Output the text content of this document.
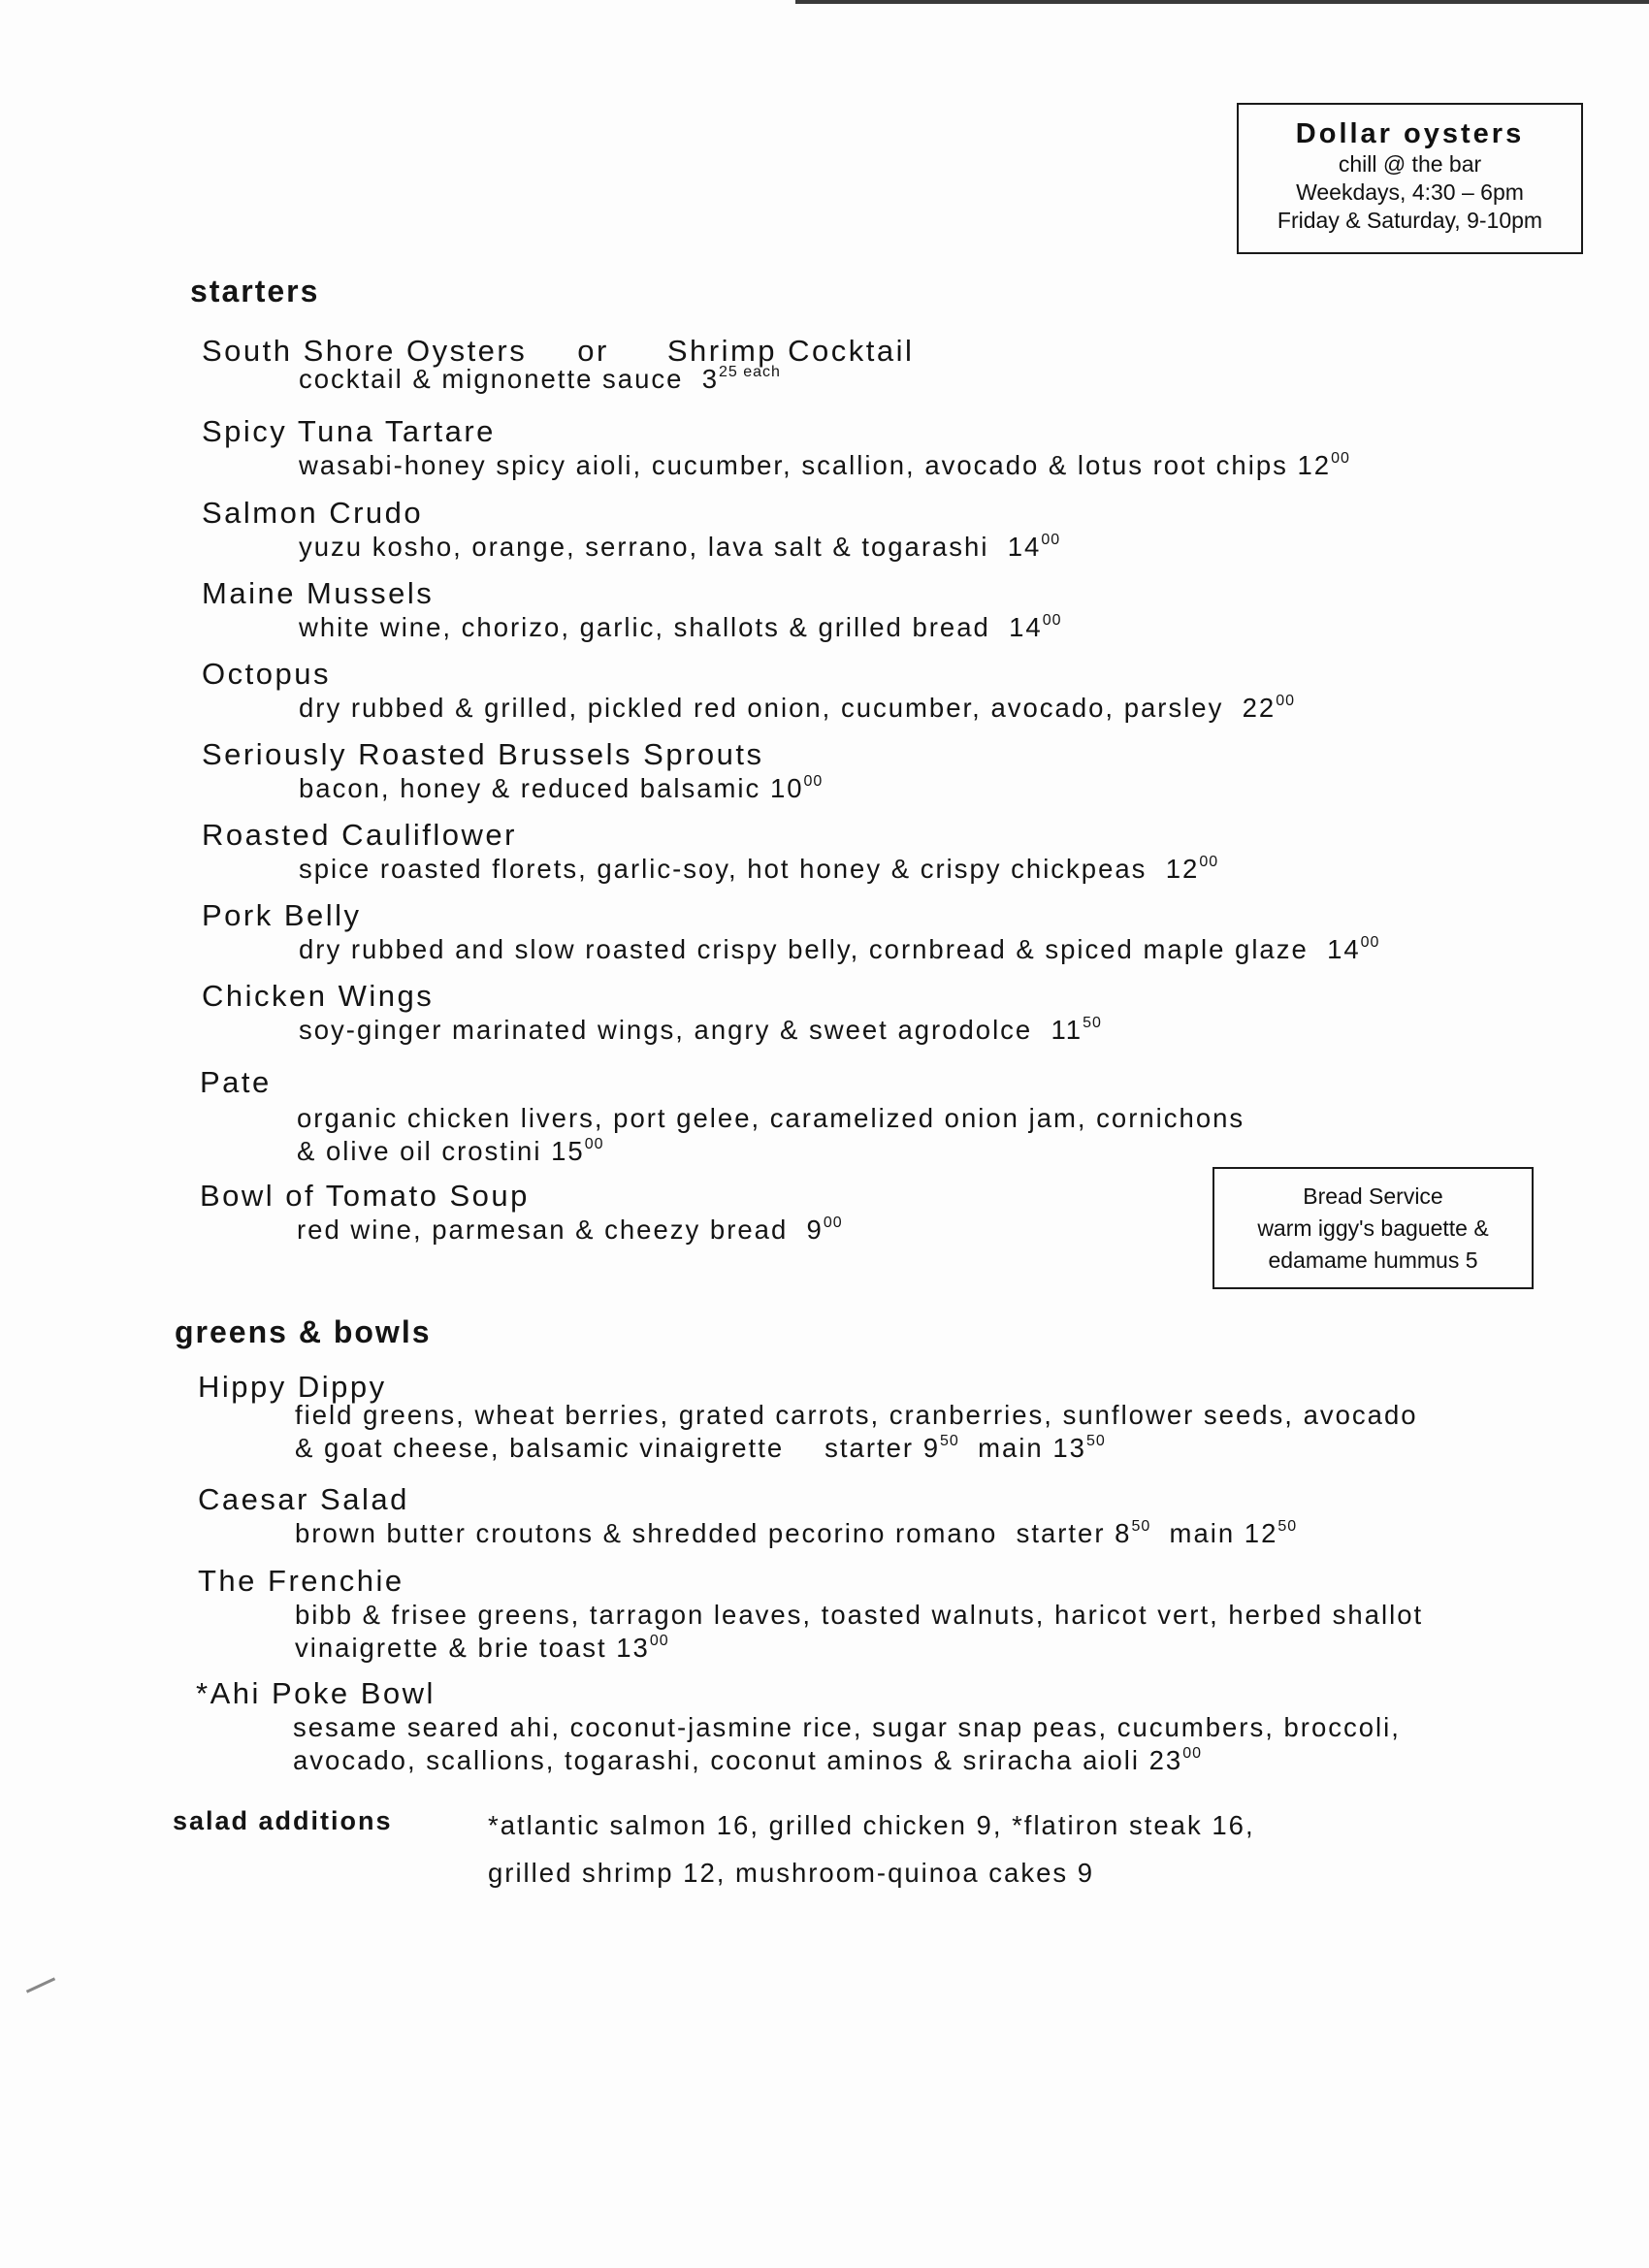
Dollar oysters
chill @ the bar
Weekdays, 4:30 – 6pm
Friday & Saturday, 9-10pm
starters
South Shore Oysters or Shrimp Cocktail
cocktail & mignonette sauce $3^{25 each}$
Spicy Tuna Tartare
wasabi-honey spicy aioli, cucumber, scallion, avocado & lotus root chips $12^{00}$
Salmon Crudo
yuzu kosho, orange, serrano, lava salt & togarashi $14^{00}$
Maine Mussels
white wine, chorizo, garlic, shallots & grilled bread $14^{00}$
Octopus
dry rubbed & grilled, pickled red onion, cucumber, avocado, parsley $22^{00}$
Seriously Roasted Brussels Sprouts
bacon, honey & reduced balsamic $10^{00}$
Roasted Cauliflower
spice roasted florets, garlic-soy, hot honey & crispy chickpeas $12^{00}$
Pork Belly
dry rubbed and slow roasted crispy belly, cornbread & spiced maple glaze $14^{00}$
Chicken Wings
soy-ginger marinated wings, angry & sweet agrodolce $11^{50}$
Pate
organic chicken livers, port gelee, caramelized onion jam, cornichons
& olive oil crostini $15^{00}$
Bowl of Tomato Soup
red wine, parmesan & cheezy bread $9^{00}$
Bread Service
warm iggy's baguette &
edamame hummus 5
greens & bowls
Hippy Dippy
field greens, wheat berries, grated carrots, cranberries, sunflower seeds, avocado
& goat cheese, balsamic vinaigrette starter $9^{50}$ main $13^{50}$
Caesar Salad
brown butter croutons & shredded pecorino romano starter $8^{50}$ main $12^{50}$
The Frenchie
bibb & frisee greens, tarragon leaves, toasted walnuts, haricot vert, herbed shallot
vinaigrette & brie toast $13^{00}$
*Ahi Poke Bowl
sesame seared ahi, coconut-jasmine rice, sugar snap peas, cucumbers, broccoli,
avocado, scallions, togarashi, coconut aminos & sriracha aioli $23^{00}$
salad additions	*atlantic salmon 16, grilled chicken 9, *flatiron steak 16,
grilled shrimp 12, mushroom-quinoa cakes 9
